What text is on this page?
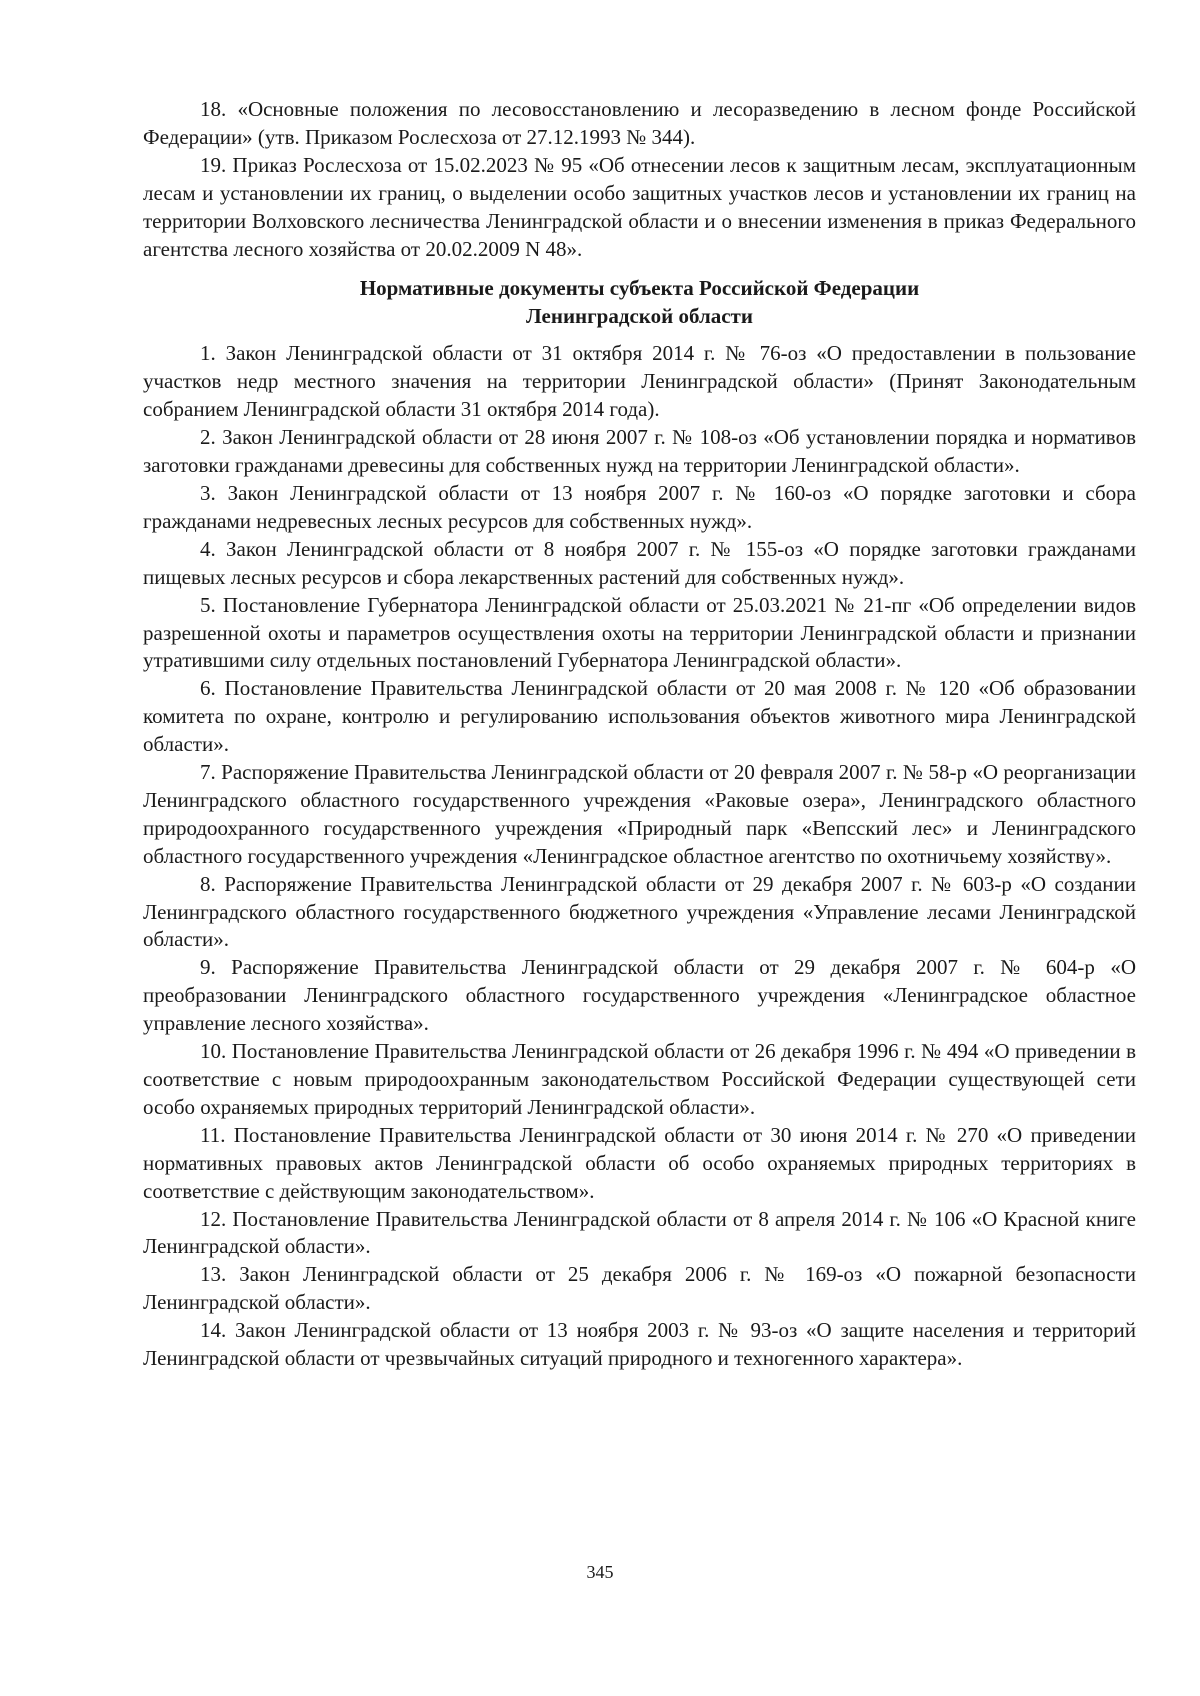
18. «Основные положения по лесовосстановлению и лесоразведению в лесном фонде Российской Федерации» (утв. Приказом Рослесхоза от 27.12.1993 № 344).

19. Приказ Рослесхоза от 15.02.2023 № 95 «Об отнесении лесов к защитным лесам, эксплуатационным лесам и установлении их границ, о выделении особо защитных участков лесов и установлении их границ на территории Волховского лесничества Ленинградской области и о внесении изменения в приказ Федерального агентства лесного хозяйства от 20.02.2009 N 48».

Нормативные документы субъекта Российской Федерации
Ленинградской области

1. Закон Ленинградской области от 31 октября 2014 г. № 76-оз «О предоставлении в пользование участков недр местного значения на территории Ленинградской области» (Принят Законодательным собранием Ленинградской области 31 октября 2014 года).

2. Закон Ленинградской области от 28 июня 2007 г. № 108-оз «Об установлении порядка и нормативов заготовки гражданами древесины для собственных нужд на территории Ленинградской области».

3. Закон Ленинградской области от 13 ноября 2007 г. № 160-оз «О порядке заготовки и сбора гражданами недревесных лесных ресурсов для собственных нужд».

4. Закон Ленинградской области от 8 ноября 2007 г. № 155-оз «О порядке заготовки гражданами пищевых лесных ресурсов и сбора лекарственных растений для собственных нужд».

5. Постановление Губернатора Ленинградской области от 25.03.2021 № 21-пг «Об определении видов разрешенной охоты и параметров осуществления охоты на территории Ленинградской области и признании утратившими силу отдельных постановлений Губернатора Ленинградской области».

6. Постановление Правительства Ленинградской области от 20 мая 2008 г. № 120 «Об образовании комитета по охране, контролю и регулированию использования объектов животного мира Ленинградской области».

7. Распоряжение Правительства Ленинградской области от 20 февраля 2007 г. № 58-р «О реорганизации Ленинградского областного государственного учреждения «Раковые озера», Ленинградского областного природоохранного государственного учреждения «Природный парк «Вепсский лес» и Ленинградского областного государственного учреждения «Ленинградское областное агентство по охотничьему хозяйству».

8. Распоряжение Правительства Ленинградской области от 29 декабря 2007 г. № 603-р «О создании Ленинградского областного государственного бюджетного учреждения «Управление лесами Ленинградской области».

9. Распоряжение Правительства Ленинградской области от 29 декабря 2007 г. № 604-р «О преобразовании Ленинградского областного государственного учреждения «Ленинградское областное управление лесного хозяйства».

10. Постановление Правительства Ленинградской области от 26 декабря 1996 г. № 494 «О приведении в соответствие с новым природоохранным законодательством Российской Федерации существующей сети особо охраняемых природных территорий Ленинградской области».

11. Постановление Правительства Ленинградской области от 30 июня 2014 г. № 270 «О приведении нормативных правовых актов Ленинградской области об особо охраняемых природных территориях в соответствие с действующим законодательством».

12. Постановление Правительства Ленинградской области от 8 апреля 2014 г. № 106 «О Красной книге Ленинградской области».

13. Закон Ленинградской области от 25 декабря 2006 г. № 169-оз «О пожарной безопасности Ленинградской области».

14. Закон Ленинградской области от 13 ноября 2003 г. № 93-оз «О защите населения и территорий Ленинградской области от чрезвычайных ситуаций природного и техногенного характера».

345
